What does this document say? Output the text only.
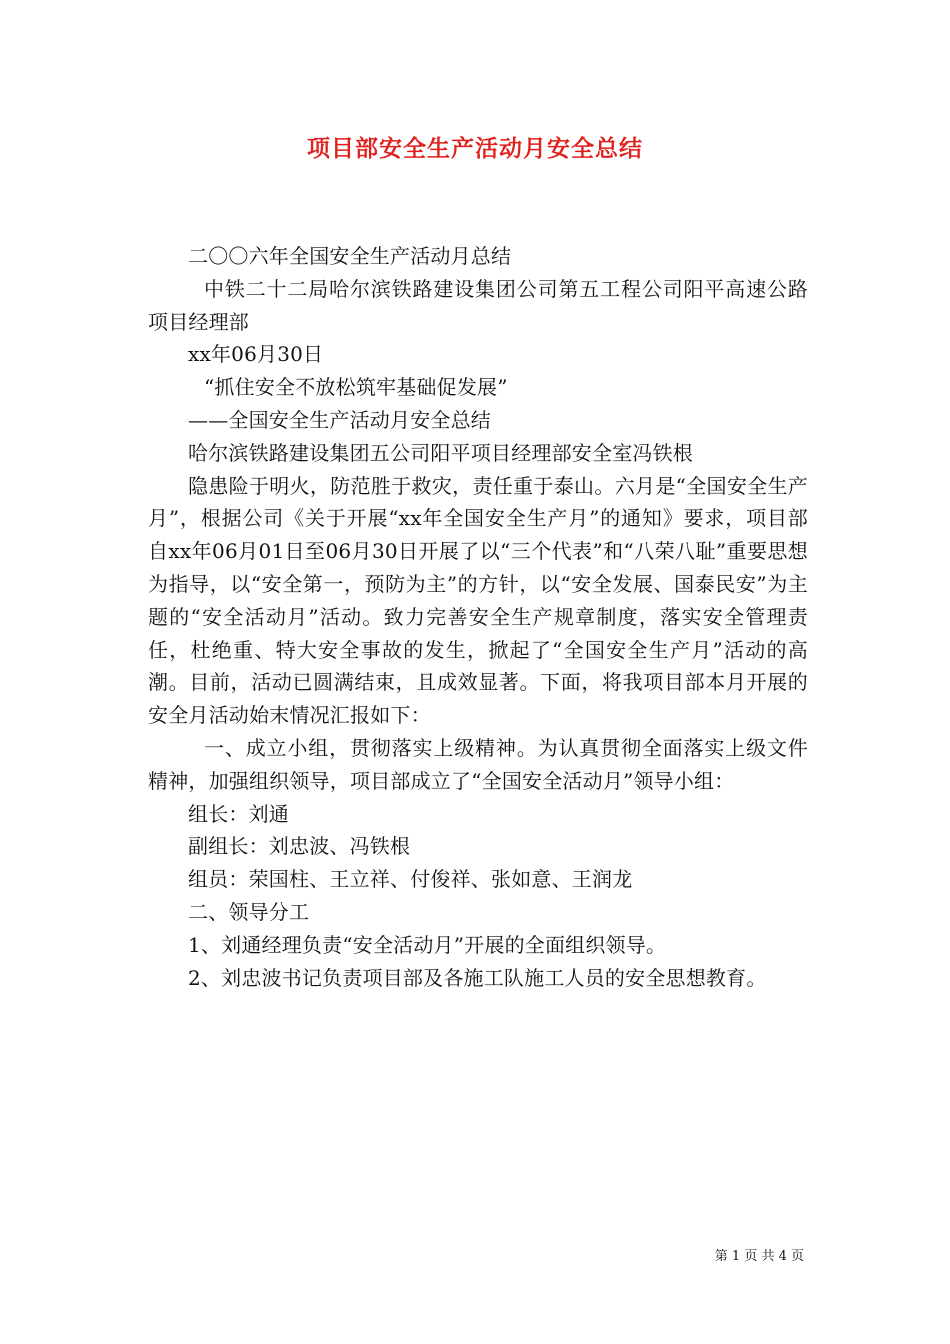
项目部安全生产活动月安全总结

二〇〇六年全国安全生产活动月总结

中铁二十二局哈尔滨铁路建设集团公司第五工程公司阳平高速公路项目经理部

xx年06月30日

“抓住安全不放松筑牢基础促发展”

——全国安全生产活动月安全总结

哈尔滨铁路建设集团五公司阳平项目经理部安全室冯铁根

隐患险于明火，防范胜于救灾，责任重于泰山。六月是“全国安全生产月”，根据公司《关于开展“xx年全国安全生产月”的通知》要求，项目部自xx年06月01日至06月30日开展了以“三个代表”和“八荣八耻”重要思想为指导，以“安全第一，预防为主”的方针，以“安全发展、国泰民安”为主题的“安全活动月”活动。致力完善安全生产规章制度，落实安全管理责任，杜绝重、特大安全事故的发生，掀起了“全国安全生产月”活动的高潮。目前，活动已圆满结束，且成效显著。下面，将我项目部本月开展的安全月活动始末情况汇报如下：

一、成立小组，贯彻落实上级精神。为认真贯彻全面落实上级文件精神，加强组织领导，项目部成立了“全国安全活动月”领导小组：

组长：刘通

副组长：刘忠波、冯铁根

组员：荣国柱、王立祥、付俊祥、张如意、王润龙

二、领导分工

1、刘通经理负责“安全活动月”开展的全面组织领导。

2、刘忠波书记负责项目部及各施工队施工人员的安全思想教育。

第 1 页 共 4 页
